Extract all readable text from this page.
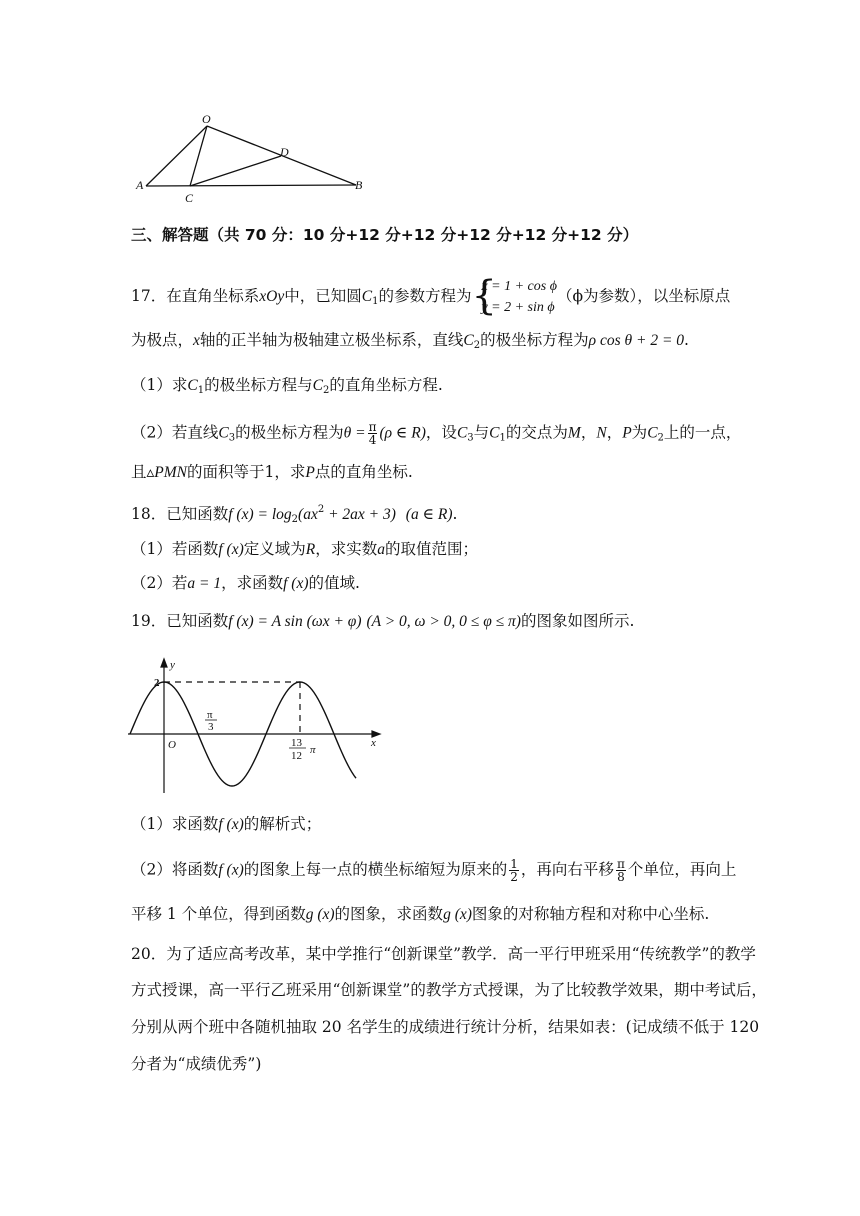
O
D
A
C
B
三、解答题（共 70 分：10 分+12 分+12 分+12 分+12 分+12 分）
17．在直角坐标系xOy中，已知圆$C_1$的参数方程为 {
x = 1 + cos ϕ
y = 2 + sin ϕ
（ϕ为参数），以坐标原点
为极点，x轴的正半轴为极轴建立极坐标系，直线$C_2$的极坐标方程为ρ cos θ + 2 = 0.
（1）求$C_1$的极坐标方程与$C_2$的直角坐标方程.
（2）若直线$C_3$的极坐标方程为$\theta = \frac{\pi}{4} (\rho$ ∈ R)，设$C_3$与$C_1$的交点为M，N，P为$C_2$上的一点，
且▵PMN的面积等于1，求P点的直角坐标.
18．已知函数f $(x) = \log_2(ax^2 + 2ax + 3)$ (a ∈ R).
（1）若函数f (x)定义域为R，求实数a的取值范围；
（2）若a = 1，求函数f (x)的值域.
19．已知函数f (x) = A sin (ωx + φ) (A > 0, ω > 0, 0 ≤ φ ≤ π)的图象如图所示.
y
x
O
2
π
3
13
12 π
（1）求函数f (x)的解析式；
（2）将函数f (x)的图象上每一点的横坐标缩短为原来的 $\frac{1}{2}$ ，再向右平移 $\frac{\pi}{8}$ 个单位，再向上
平移 1 个单位，得到函数g (x)的图象，求函数g (x)图象的对称轴方程和对称中心坐标.
20．为了适应高考改革，某中学推行“创新课堂”教学．高一平行甲班采用“传统教学”的教学
方式授课，高一平行乙班采用“创新课堂”的教学方式授课，为了比较教学效果，期中考试后，
分别从两个班中各随机抽取 20 名学生的成绩进行统计分析，结果如表：(记成绩不低于 120
分者为“成绩优秀”)
